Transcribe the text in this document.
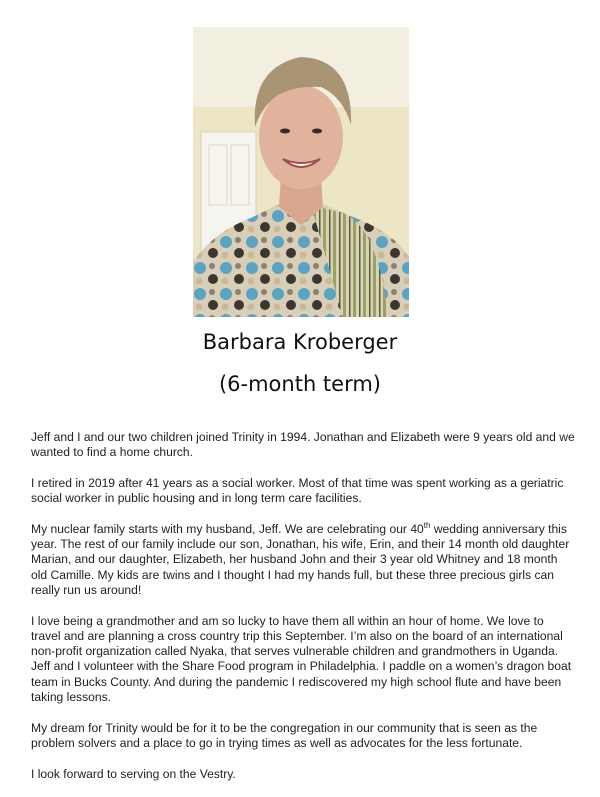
Barbara Kroberger
(6-month term)

Jeff and I and our two children joined Trinity in 1994. Jonathan and Elizabeth were 9 years old and we wanted to find a home church.

I retired in 2019 after 41 years as a social worker. Most of that time was spent working as a geriatric social worker in public housing and in long term care facilities.

My nuclear family starts with my husband, Jeff. We are celebrating our 40th wedding anniversary this year. The rest of our family include our son, Jonathan, his wife, Erin, and their 14 month old daughter Marian, and our daughter, Elizabeth, her husband John and their 3 year old Whitney and 18 month old Camille. My kids are twins and I thought I had my hands full, but these three precious girls can really run us around!

I love being a grandmother and am so lucky to have them all within an hour of home. We love to travel and are planning a cross country trip this September. I’m also on the board of an international non-profit organization called Nyaka, that serves vulnerable children and grandmothers in Uganda. Jeff and I volunteer with the Share Food program in Philadelphia. I paddle on a women’s dragon boat team in Bucks County. And during the pandemic I rediscovered my high school flute and have been taking lessons.

My dream for Trinity would be for it to be the congregation in our community that is seen as the problem solvers and a place to go in trying times as well as advocates for the less fortunate.

I look forward to serving on the Vestry.
